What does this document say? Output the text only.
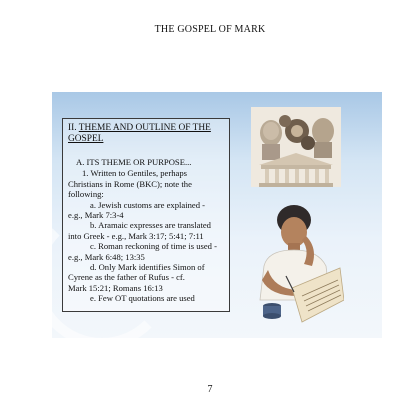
THE GOSPEL OF MARK
II. THEME AND OUTLINE OF THE GOSPEL
A. ITS THEME OR PURPOSE...
1. Written to Gentiles, perhaps
Christians in Rome (BKC); note the
following:
a. Jewish customs are explained -
e.g., Mark 7:3-4
b. Aramaic expresses are translated
into Greek - e.g., Mark 3:17; 5:41; 7:11
c. Roman reckoning of time is used -
e.g., Mark 6:48; 13:35
d. Only Mark identifies Simon of
Cyrene as the father of Rufus - cf.
Mark 15:21; Romans 16:13
e. Few OT quotations are used
7
